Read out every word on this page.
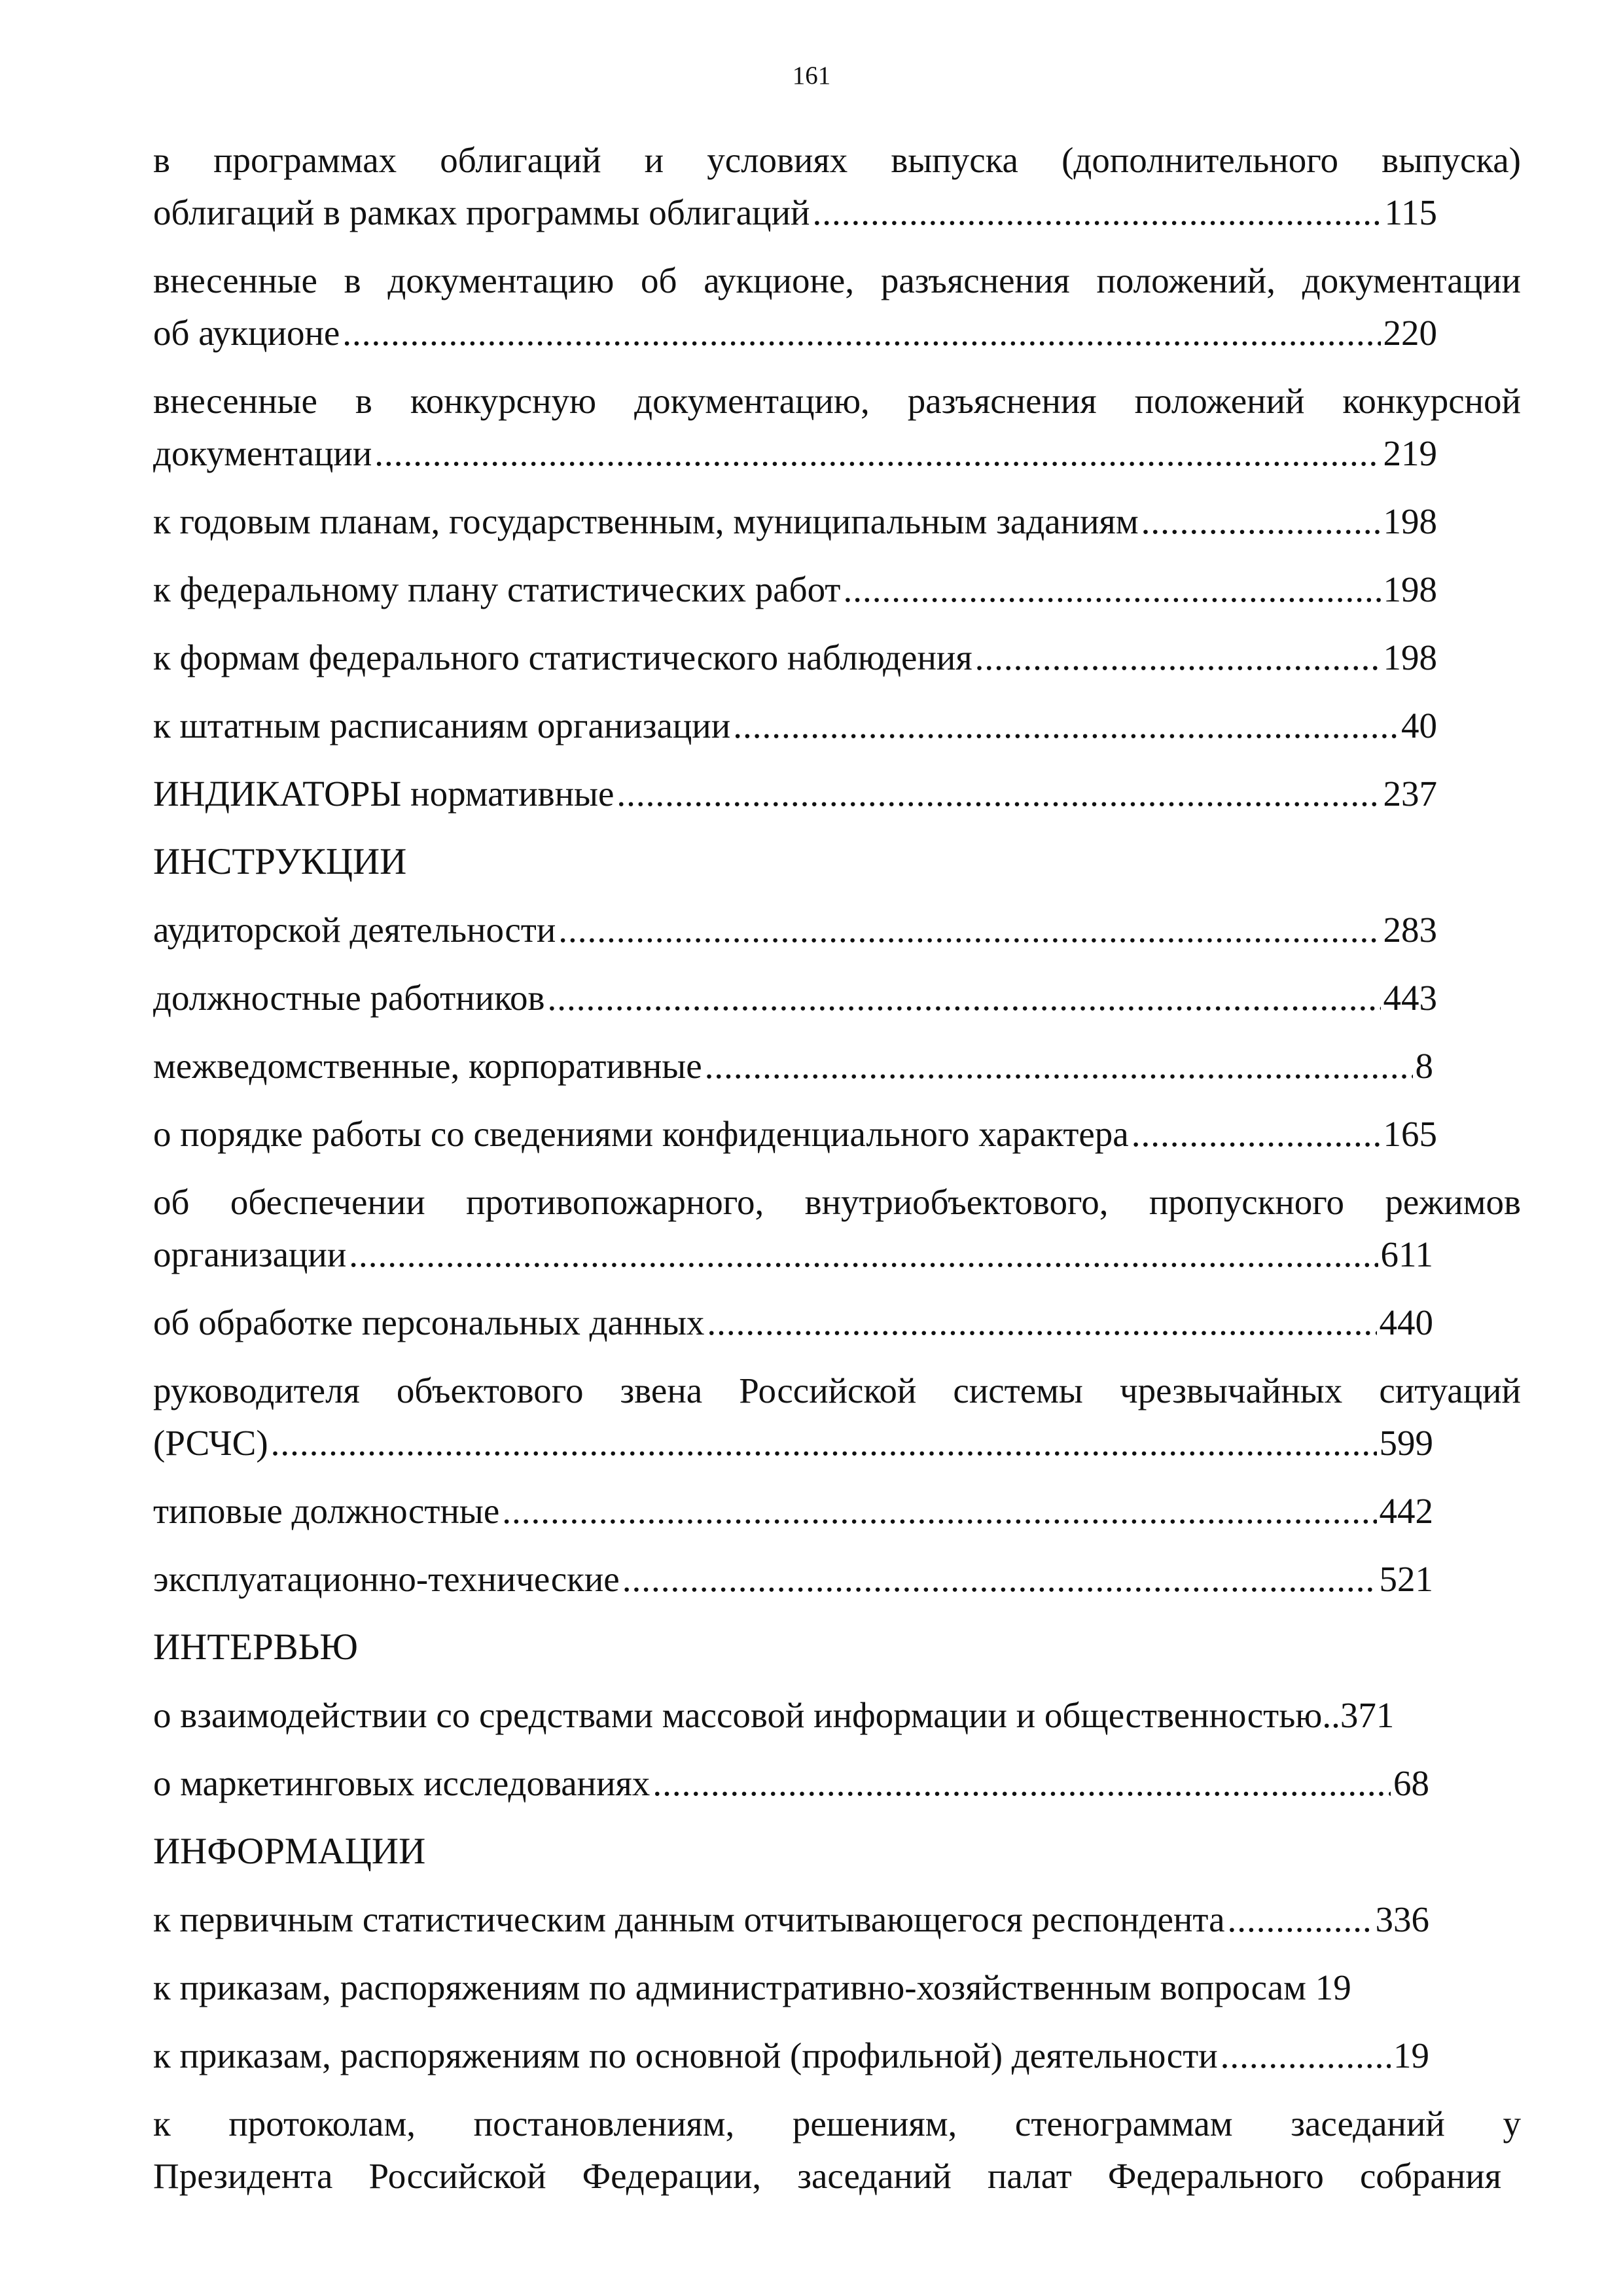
161
в программах облигаций и условиях выпуска (дополнительного выпуска)
облигаций в рамках программы облигаций .....	115
внесенные в документацию об аукционе, разъяснения положений, документации
об аукционе .....	220
внесенные в конкурсную документацию, разъяснения положений конкурсной
документации .....	219
к годовым планам, государственным, муниципальным заданиям .....	198
к федеральному плану статистических работ .....	198
к формам федерального статистического наблюдения .....	198
к штатным расписаниям организации .....	40
ИНДИКАТОРЫ нормативные .....	237
ИНСТРУКЦИИ
аудиторской деятельности .....	283
должностные работников .....	443
межведомственные, корпоративные .....	8
о порядке работы со сведениями конфиденциального характера .....	165
об обеспечении противопожарного, внутриобъектового, пропускного режимов
организации .....	611
об обработке персональных данных .....	440
руководителя объектового звена Российской системы чрезвычайных ситуаций
(РСЧС) .....	599
типовые должностные .....	442
эксплуатационно-технические .....	521
ИНТЕРВЬЮ
о взаимодействии со средствами массовой информации и общественностью..371
о маркетинговых исследованиях .....	68
ИНФОРМАЦИИ
к первичным статистическим данным отчитывающегося респондента .....	336
к приказам, распоряжениям по административно-хозяйственным вопросам 19
к приказам, распоряжениям по основной (профильной) деятельности .....	19
к протоколам, постановлениям, решениям, стенограммам заседаний у
Президента Российской Федерации, заседаний палат Федерального собрания
